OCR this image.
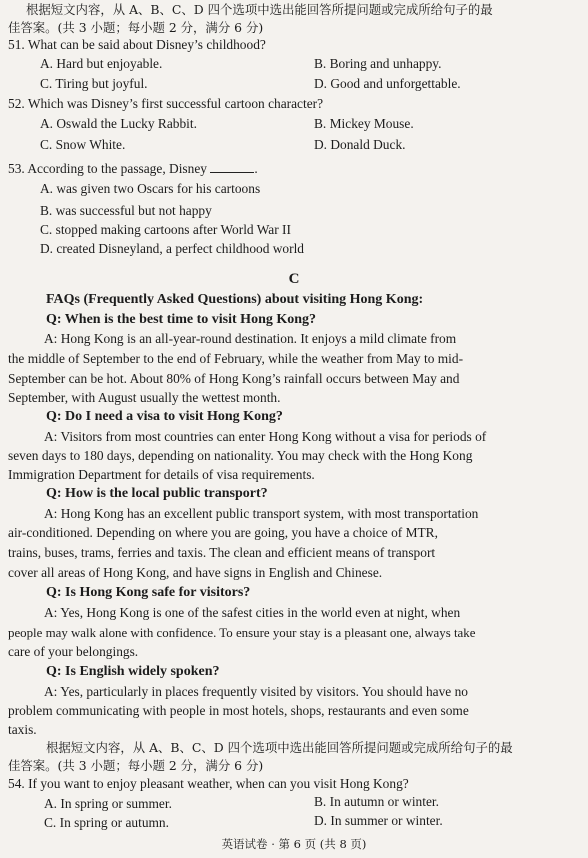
根据短文内容，从 A、B、C、D 四个选项中选出能回答所提问题或完成所给句子的最
佳答案。(共 3 小题；每小题 2 分，满分 6 分)
51. What can be said about Disney’s childhood?
A. Hard but enjoyable.	B. Boring and unhappy.
C. Tiring but joyful.	D. Good and unforgettable.
52. Which was Disney’s first successful cartoon character?
A. Oswald the Lucky Rabbit.	B. Mickey Mouse.
C. Snow White.	D. Donald Duck.
53. According to the passage, Disney	.
A. was given two Oscars for his cartoons
B. was successful but not happy
C. stopped making cartoons after World War II
D. created Disneyland, a perfect childhood world
C
FAQs (Frequently Asked Questions) about visiting Hong Kong:
Q: When is the best time to visit Hong Kong?
A: Hong Kong is an all-year-round destination. It enjoys a mild climate from
the middle of September to the end of February, while the weather from May to mid-
September can be hot. About 80% of Hong Kong’s rainfall occurs between May and
September, with August usually the wettest month.
Q: Do I need a visa to visit Hong Kong?
A: Visitors from most countries can enter Hong Kong without a visa for periods of
seven days to 180 days, depending on nationality. You may check with the Hong Kong
Immigration Department for details of visa requirements.
Q: How is the local public transport?
A: Hong Kong has an excellent public transport system, with most transportation
air-conditioned. Depending on where you are going, you have a choice of MTR,
trains, buses, trams, ferries and taxis. The clean and efficient means of transport
cover all areas of Hong Kong, and have signs in English and Chinese.
Q: Is Hong Kong safe for visitors?
A: Yes, Hong Kong is one of the safest cities in the world even at night, when
people may walk alone with confidence. To ensure your stay is a pleasant one, always take
care of your belongings.
Q: Is English widely spoken?
A: Yes, particularly in places frequently visited by visitors. You should have no
problem communicating with people in most hotels, shops, restaurants and even some
taxis.
根据短文内容，从 A、B、C、D 四个选项中选出能回答所提问题或完成所给句子的最
佳答案。(共 3 小题；每小题 2 分，满分 6 分)
54. If you want to enjoy pleasant weather, when can you visit Hong Kong?
A. In spring or summer.	B. In autumn or winter.
C. In spring or autumn.	D. In summer or winter.
英语试卷 · 第 6 页 (共 8 页)
